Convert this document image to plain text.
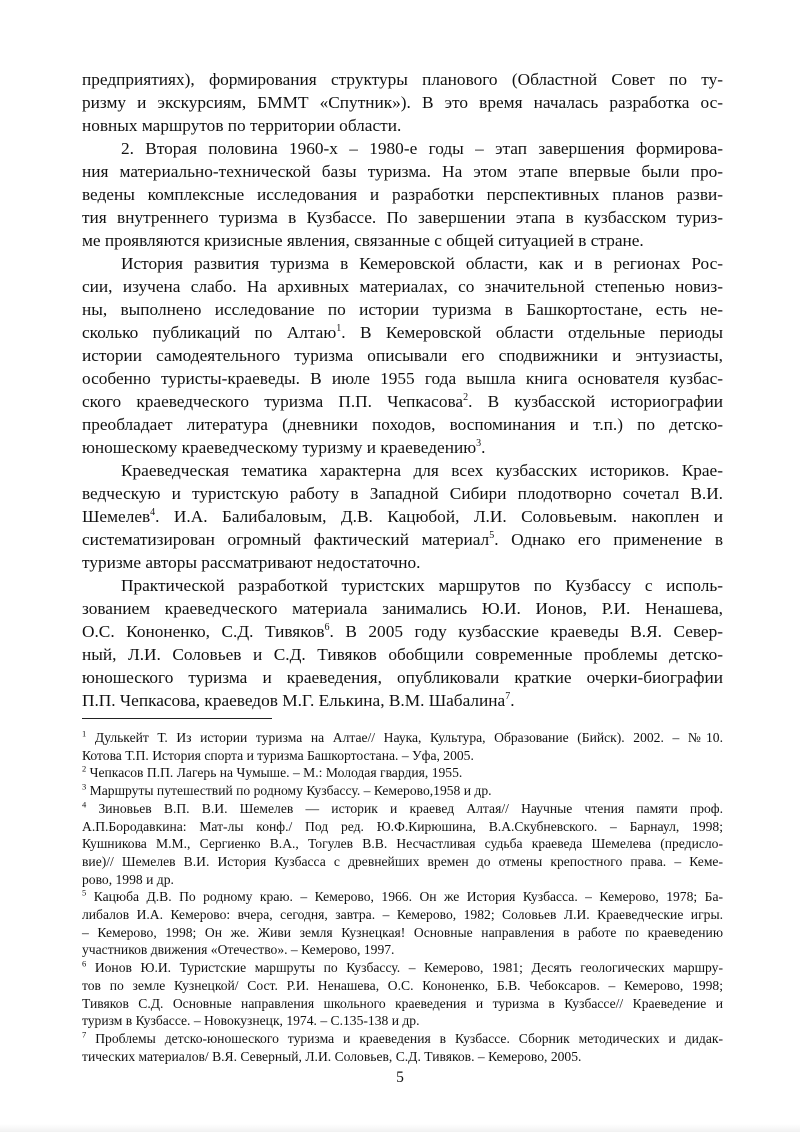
предприятиях), формирования структуры планового (Областной Совет по ту-
ризму и экскурсиям, БММТ «Спутник»). В это время началась разработка ос-
новных маршрутов по территории области.

2. Вторая половина 1960-х – 1980-е годы – этап завершения формирова-
ния материально-технической базы туризма. На этом этапе впервые были про-
ведены комплексные исследования и разработки перспективных планов разви-
тия внутреннего туризма в Кузбассе. По завершении этапа в кузбасском туриз-
ме проявляются кризисные явления, связанные с общей ситуацией в стране.

История развития туризма в Кемеровской области, как и в регионах Рос-
сии, изучена слабо. На архивных материалах, со значительной степенью новиз-
ны, выполнено исследование по истории туризма в Башкортостане, есть не-
сколько публикаций по Алтаю$^1$. В Кемеровской области отдельные периоды
истории самодеятельного туризма описывали его сподвижники и энтузиасты,
особенно туристы-краеведы. В июле 1955 года вышла книга основателя кузбас-
ского краеведческого туризма П.П. Чепкасова$^2$. В кузбасской историографии
преобладает литература (дневники походов, воспоминания и т.п.) по детско-
юношескому краеведческому туризму и краеведению$^3$.

Краеведческая тематика характерна для всех кузбасских историков. Крае-
ведческую и туристскую работу в Западной Сибири плодотворно сочетал В.И.
Шемелев$^4$. И.А. Балибаловым, Д.В. Кацюбой, Л.И. Соловьевым. накоплен и
систематизирован огромный фактический материал$^5$. Однако его применение в
туризме авторы рассматривают недостаточно.

Практической разработкой туристских маршрутов по Кузбассу с исполь-
зованием краеведческого материала занимались Ю.И. Ионов, Р.И. Ненашева,
О.С. Кононенко, С.Д. Тивяков$^6$. В 2005 году кузбасские краеведы В.Я. Север-
ный, Л.И. Соловьев и С.Д. Тивяков обобщили современные проблемы детско-
юношеского туризма и краеведения, опубликовали краткие очерки-биографии
П.П. Чепкасова, краеведов М.Г. Елькина, В.М. Шабалина$^7$.

$^1$ Дулькейт Т. Из истории туризма на Алтае// Наука, Культура, Образование (Бийск). 2002. – №10.
Котова Т.П. История спорта и туризма Башкортостана. – Уфа, 2005.
$^2$ Чепкасов П.П. Лагерь на Чумыше. – М.: Молодая гвардия, 1955.
$^3$ Маршруты путешествий по родному Кузбассу. – Кемерово,1958 и др.
$^4$ Зиновьев В.П. В.И. Шемелев — историк и краевед Алтая// Научные чтения памяти проф.
А.П.Бородавкина: Мат-лы конф./ Под ред. Ю.Ф.Кирюшина, В.А.Скубневского. – Барнаул, 1998;
Кушникова М.М., Сергиенко В.А., Тогулев В.В. Несчастливая судьба краеведа Шемелева (предисло-
вие)// Шемелев В.И. История Кузбасса с древнейших времен до отмены крепостного права. – Кеме-
рово, 1998 и др.
$^5$ Кацюба Д.В. По родному краю. – Кемерово, 1966. Он же История Кузбасса. – Кемерово, 1978; Ба-
либалов И.А. Кемерово: вчера, сегодня, завтра. – Кемерово, 1982; Соловьев Л.И. Краеведческие игры.
– Кемерово, 1998; Он же. Живи земля Кузнецкая! Основные направления в работе по краеведению
участников движения «Отечество». – Кемерово, 1997.
$^6$ Ионов Ю.И. Туристские маршруты по Кузбассу. – Кемерово, 1981; Десять геологических маршру-
тов по земле Кузнецкой/ Сост. Р.И. Ненашева, О.С. Кононенко, Б.В. Чебоксаров. – Кемерово, 1998;
Тивяков С.Д. Основные направления школьного краеведения и туризма в Кузбассе// Краеведение и
туризм в Кузбассе. – Новокузнецк, 1974. – С.135-138 и др.
$^7$ Проблемы детско-юношеского туризма и краеведения в Кузбассе. Сборник методических и дидак-
тических материалов/ В.Я. Северный, Л.И. Соловьев, С.Д. Тивяков. – Кемерово, 2005.
5
